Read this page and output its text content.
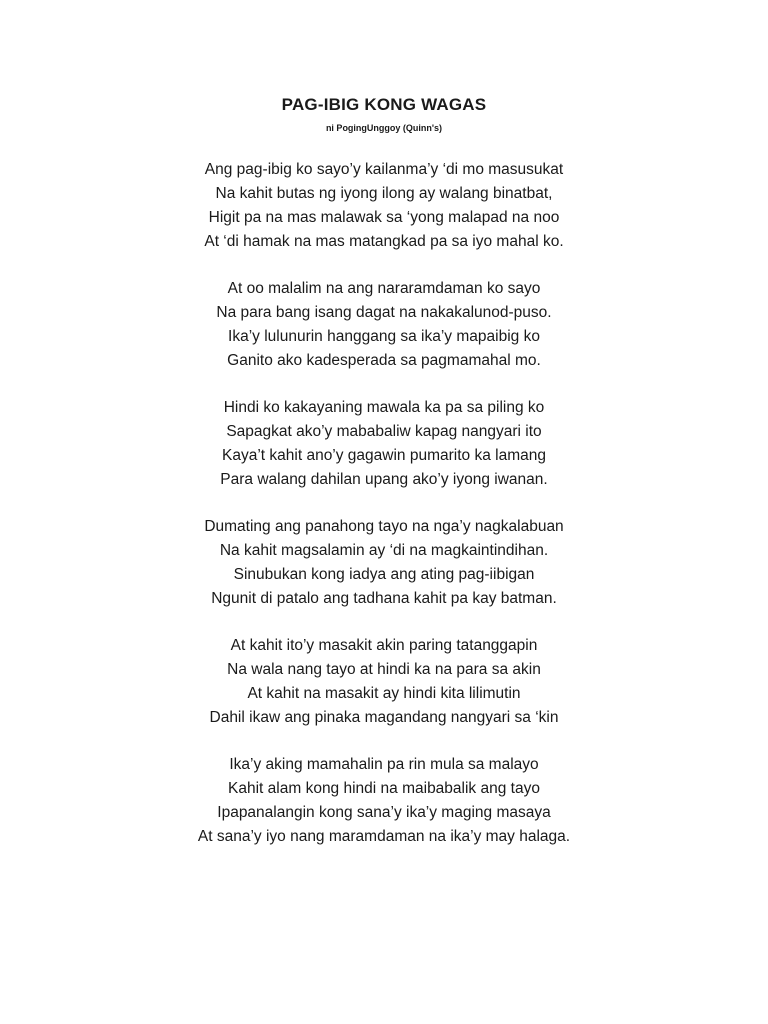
PAG-IBIG KONG WAGAS

ni PogingUnggoy (Quinn's)

Ang pag-ibig ko sayo’y kailanma’y ‘di mo masusukat
Na kahit butas ng iyong ilong ay walang binatbat,
Higit pa na mas malawak sa ‘yong malapad na noo
At ‘di hamak na mas matangkad pa sa iyo mahal ko.
At oo malalim na ang nararamdaman ko sayo
Na para bang isang dagat na nakakalunod-puso.
Ika’y lulunurin hanggang sa ika’y mapaibig ko
Ganito ako kadesperada sa pagmamahal mo.
Hindi ko kakayaning mawala ka pa sa piling ko
Sapagkat ako’y mababaliw kapag nangyari ito
Kaya’t kahit ano’y gagawin pumarito ka lamang
Para walang dahilan upang ako’y iyong iwanan.
Dumating ang panahong tayo na nga’y nagkalabuan
Na kahit magsalamin ay ‘di na magkaintindihan.
Sinubukan kong iadya ang ating pag-iibigan
Ngunit di patalo ang tadhana kahit pa kay batman.
At kahit ito’y masakit akin paring tatanggapin
Na wala nang tayo at hindi ka na para sa akin
At kahit na masakit ay hindi kita lilimutin
Dahil ikaw ang pinaka magandang nangyari sa ‘kin
Ika’y aking mamahalin pa rin mula sa malayo
Kahit alam kong hindi na maibabalik ang tayo
Ipapanalangin kong sana’y ika’y maging masaya
At sana’y iyo nang maramdaman na ika’y may halaga.
